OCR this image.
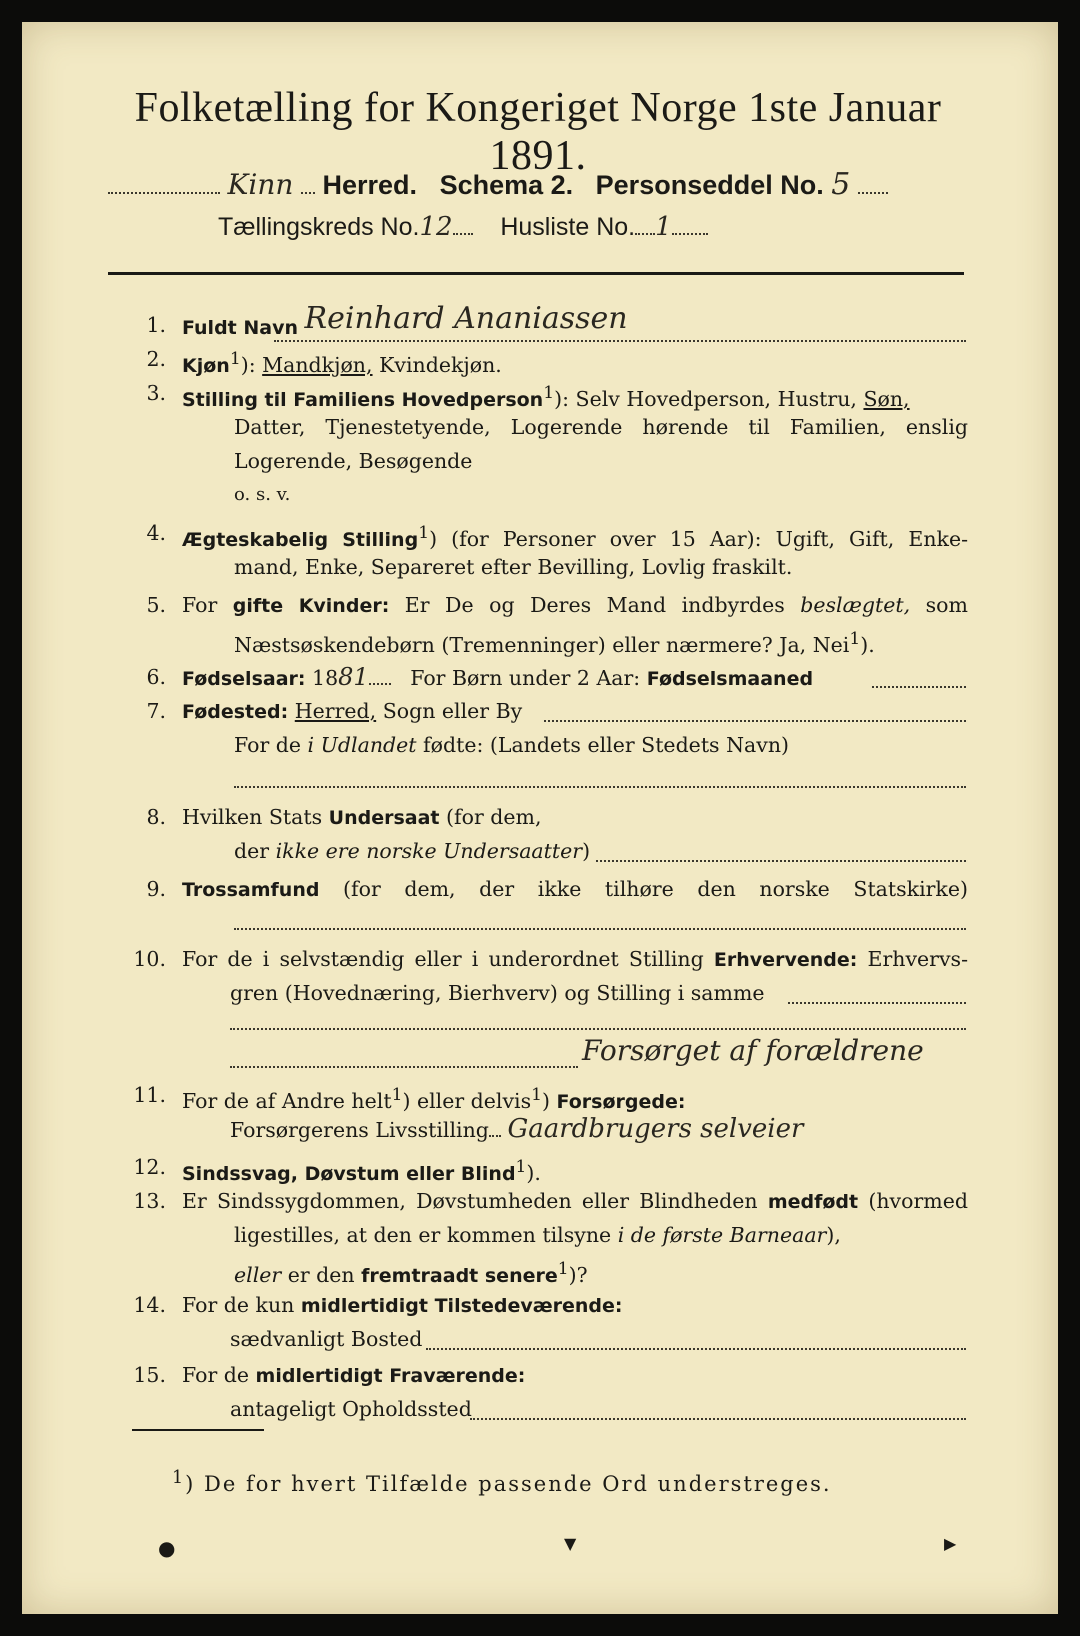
Folketælling for Kongeriget Norge 1ste Januar 1891.
Kinn Herred. Schema 2. Personseddel No. 5
Tællingskreds No.12 Husliste No. 1
1. Fuldt Navn Reinhard Ananiassen
2. Kjøn$^1$): Mandkjøn, Kvindekjøn.
3. Stilling til Familiens Hovedperson$^1$): Selv Hovedperson, Hustru, Søn,
Datter, Tjenestetyende, Logerende hørende til Familien, enslig
Logerende, Besøgende
o. s. v.
4. Ægteskabelig Stilling$^1$) (for Personer over 15 Aar): Ugift, Gift, Enke-
mand, Enke, Separeret efter Bevilling, Lovlig fraskilt.
5. For gifte Kvinder: Er De og Deres Mand indbyrdes beslægtet, som
Næstsøskendebørn (Tremenninger) eller nærmere? Ja, Nei$^1$).
6. Fødselsaar: 1881 For Børn under 2 Aar: Fødselsmaaned
7. Fødested: Herred, Sogn eller By
For de i Udlandet fødte: (Landets eller Stedets Navn)
8. Hvilken Stats Undersaat (for dem,
der ikke ere norske Undersaatter)
9. Trossamfund (for dem, der ikke tilhøre den norske Statskirke)
10. For de i selvstændig eller i underordnet Stilling Erhvervende: Erhvervs-
gren (Hovednæring, Bierhverv) og Stilling i samme
Forsørget af forældrene
11. For de af Andre helt$^1$) eller delvis$^1$) Forsørgede:
Forsørgerens Livsstilling Gaardbrugers selveier
12. Sindssvag, Døvstum eller Blind$^1$).
13. Er Sindssygdommen, Døvstumheden eller Blindheden medfødt (hvormed
ligestilles, at den er kommen tilsyne i de første Barneaar),
eller er den fremtraadt senere$^1$)?
14. For de kun midlertidigt Tilstedeværende:
sædvanligt Bosted
15. For de midlertidigt Fraværende:
antageligt Opholdssted
$^1$) De for hvert Tilfælde passende Ord understreges.
●	▼	▶
